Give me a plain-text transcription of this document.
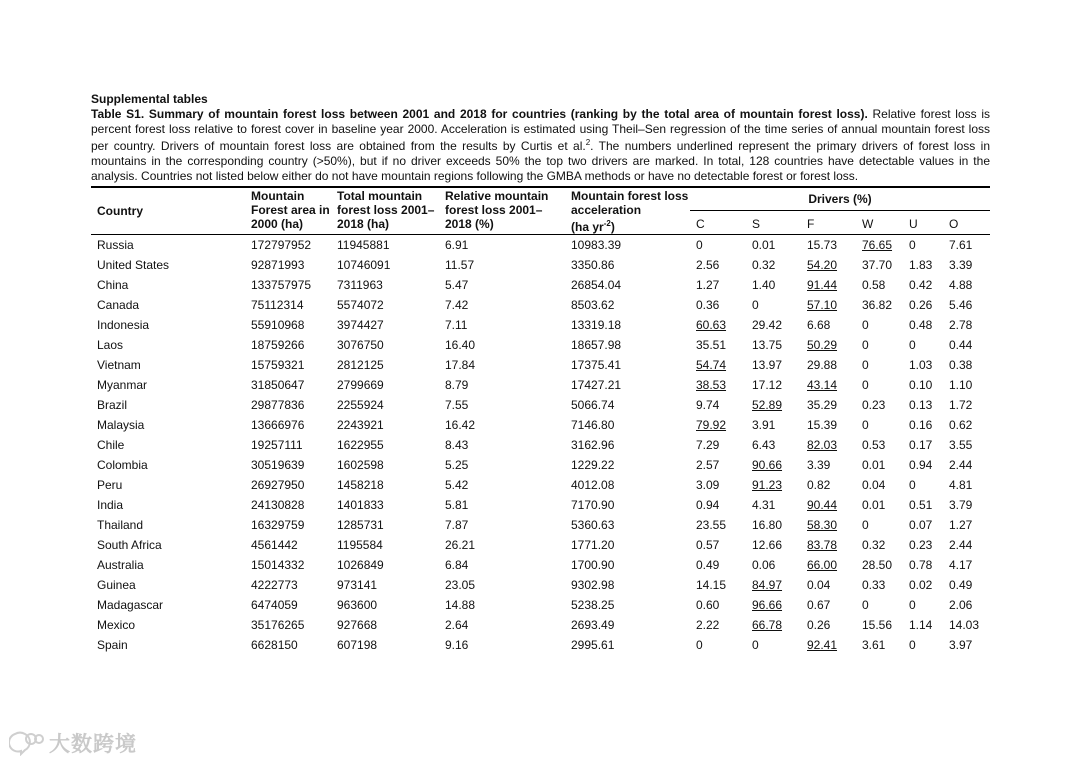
Supplemental tables
Table S1. Summary of mountain forest loss between 2001 and 2018 for countries (ranking by the total area of mountain forest loss). Relative forest loss is percent forest loss relative to forest cover in baseline year 2000. Acceleration is estimated using Theil–Sen regression of the time series of annual mountain forest loss per country. Drivers of mountain forest loss are obtained from the results by Curtis et al.$^2$. The numbers underlined represent the primary drivers of forest loss in mountains in the corresponding country (>50%), but if no driver exceeds 50% the top two drivers are marked. In total, 128 countries have detectable values in the analysis. Countries not listed below either do not have mountain regions following the GMBA methods or have no detectable forest or forest loss.
Country	Mountain Forest area in 2000 (ha)	Total mountain forest loss 2001–2018 (ha)	Relative mountain forest loss 2001–2018 (%)	Mountain forest loss acceleration
(ha $yr^{-2}$)	Drivers (%)					
					C	S	F	W	U	O
Russia	172797952	11945881	6.91	10983.39	0	0.01	15.73	76.65	0	7.61
United States	92871993	10746091	11.57	3350.86	2.56	0.32	54.20	37.70	1.83	3.39
China	133757975	7311963	5.47	26854.04	1.27	1.40	91.44	0.58	0.42	4.88
Canada	75112314	5574072	7.42	8503.62	0.36	0	57.10	36.82	0.26	5.46
Indonesia	55910968	3974427	7.11	13319.18	60.63	29.42	6.68	0	0.48	2.78
Laos	18759266	3076750	16.40	18657.98	35.51	13.75	50.29	0	0	0.44
Vietnam	15759321	2812125	17.84	17375.41	54.74	13.97	29.88	0	1.03	0.38
Myanmar	31850647	2799669	8.79	17427.21	38.53	17.12	43.14	0	0.10	1.10
Brazil	29877836	2255924	7.55	5066.74	9.74	52.89	35.29	0.23	0.13	1.72
Malaysia	13666976	2243921	16.42	7146.80	79.92	3.91	15.39	0	0.16	0.62
Chile	19257111	1622955	8.43	3162.96	7.29	6.43	82.03	0.53	0.17	3.55
Colombia	30519639	1602598	5.25	1229.22	2.57	90.66	3.39	0.01	0.94	2.44
Peru	26927950	1458218	5.42	4012.08	3.09	91.23	0.82	0.04	0	4.81
India	24130828	1401833	5.81	7170.90	0.94	4.31	90.44	0.01	0.51	3.79
Thailand	16329759	1285731	7.87	5360.63	23.55	16.80	58.30	0	0.07	1.27
South Africa	4561442	1195584	26.21	1771.20	0.57	12.66	83.78	0.32	0.23	2.44
Australia	15014332	1026849	6.84	1700.90	0.49	0.06	66.00	28.50	0.78	4.17
Guinea	4222773	973141	23.05	9302.98	14.15	84.97	0.04	0.33	0.02	0.49
Madagascar	6474059	963600	14.88	5238.25	0.60	96.66	0.67	0	0	2.06
Mexico	35176265	927668	2.64	2693.49	2.22	66.78	0.26	15.56	1.14	14.03
Spain	6628150	607198	9.16	2995.61	0	0	92.41	3.61	0	3.97
大数跨境
